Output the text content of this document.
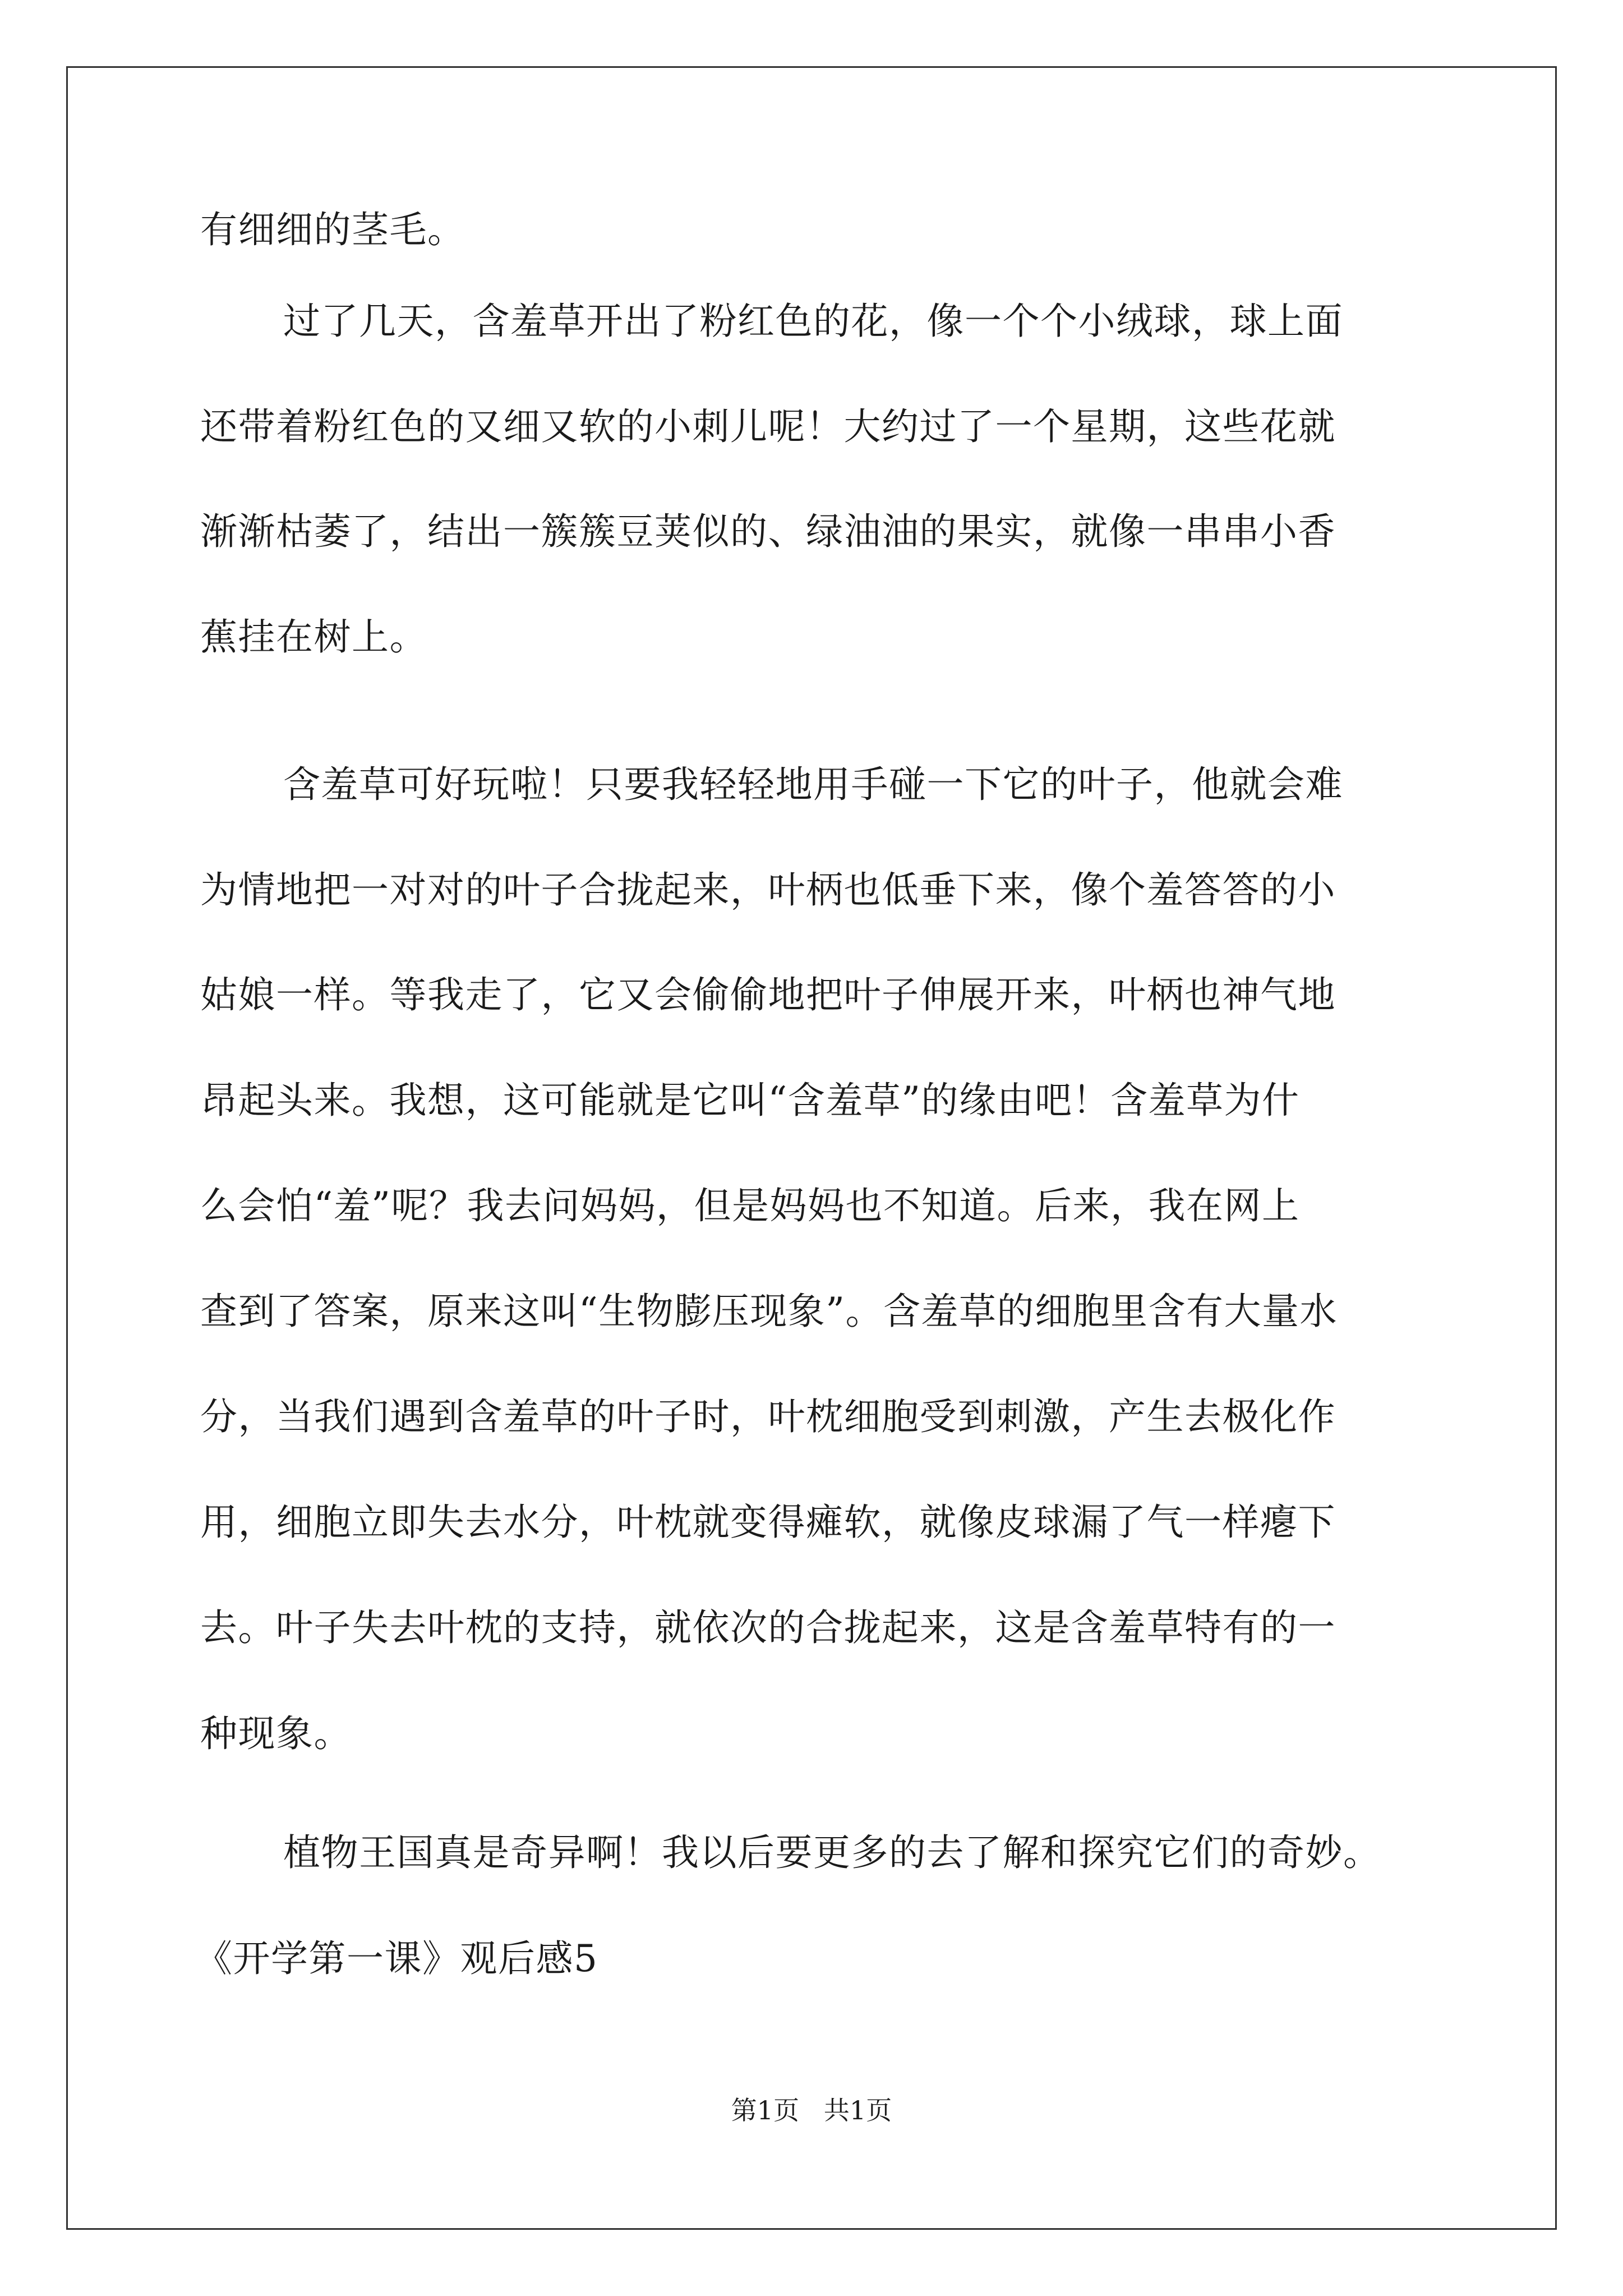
有细细的茎毛。
过了几天，含羞草开出了粉红色的花，像一个个小绒球，球上面
还带着粉红色的又细又软的小刺儿呢！大约过了一个星期，这些花就
渐渐枯萎了，结出一簇簇豆荚似的、绿油油的果实，就像一串串小香
蕉挂在树上。
含羞草可好玩啦！只要我轻轻地用手碰一下它的叶子，他就会难
为情地把一对对的叶子合拢起来，叶柄也低垂下来，像个羞答答的小
姑娘一样。等我走了，它又会偷偷地把叶子伸展开来，叶柄也神气地
昂起头来。我想，这可能就是它叫“含羞草”的缘由吧！含羞草为什
么会怕“羞”呢？我去问妈妈，但是妈妈也不知道。后来，我在网上
查到了答案，原来这叫“生物膨压现象”。含羞草的细胞里含有大量水
分，当我们遇到含羞草的叶子时，叶枕细胞受到刺激，产生去极化作
用，细胞立即失去水分，叶枕就变得瘫软，就像皮球漏了气一样瘪下
去。叶子失去叶枕的支持，就依次的合拢起来，这是含羞草特有的一
种现象。
植物王国真是奇异啊！我以后要更多的去了解和探究它们的奇妙。
《开学第一课》观后感5
第1页   共1页
